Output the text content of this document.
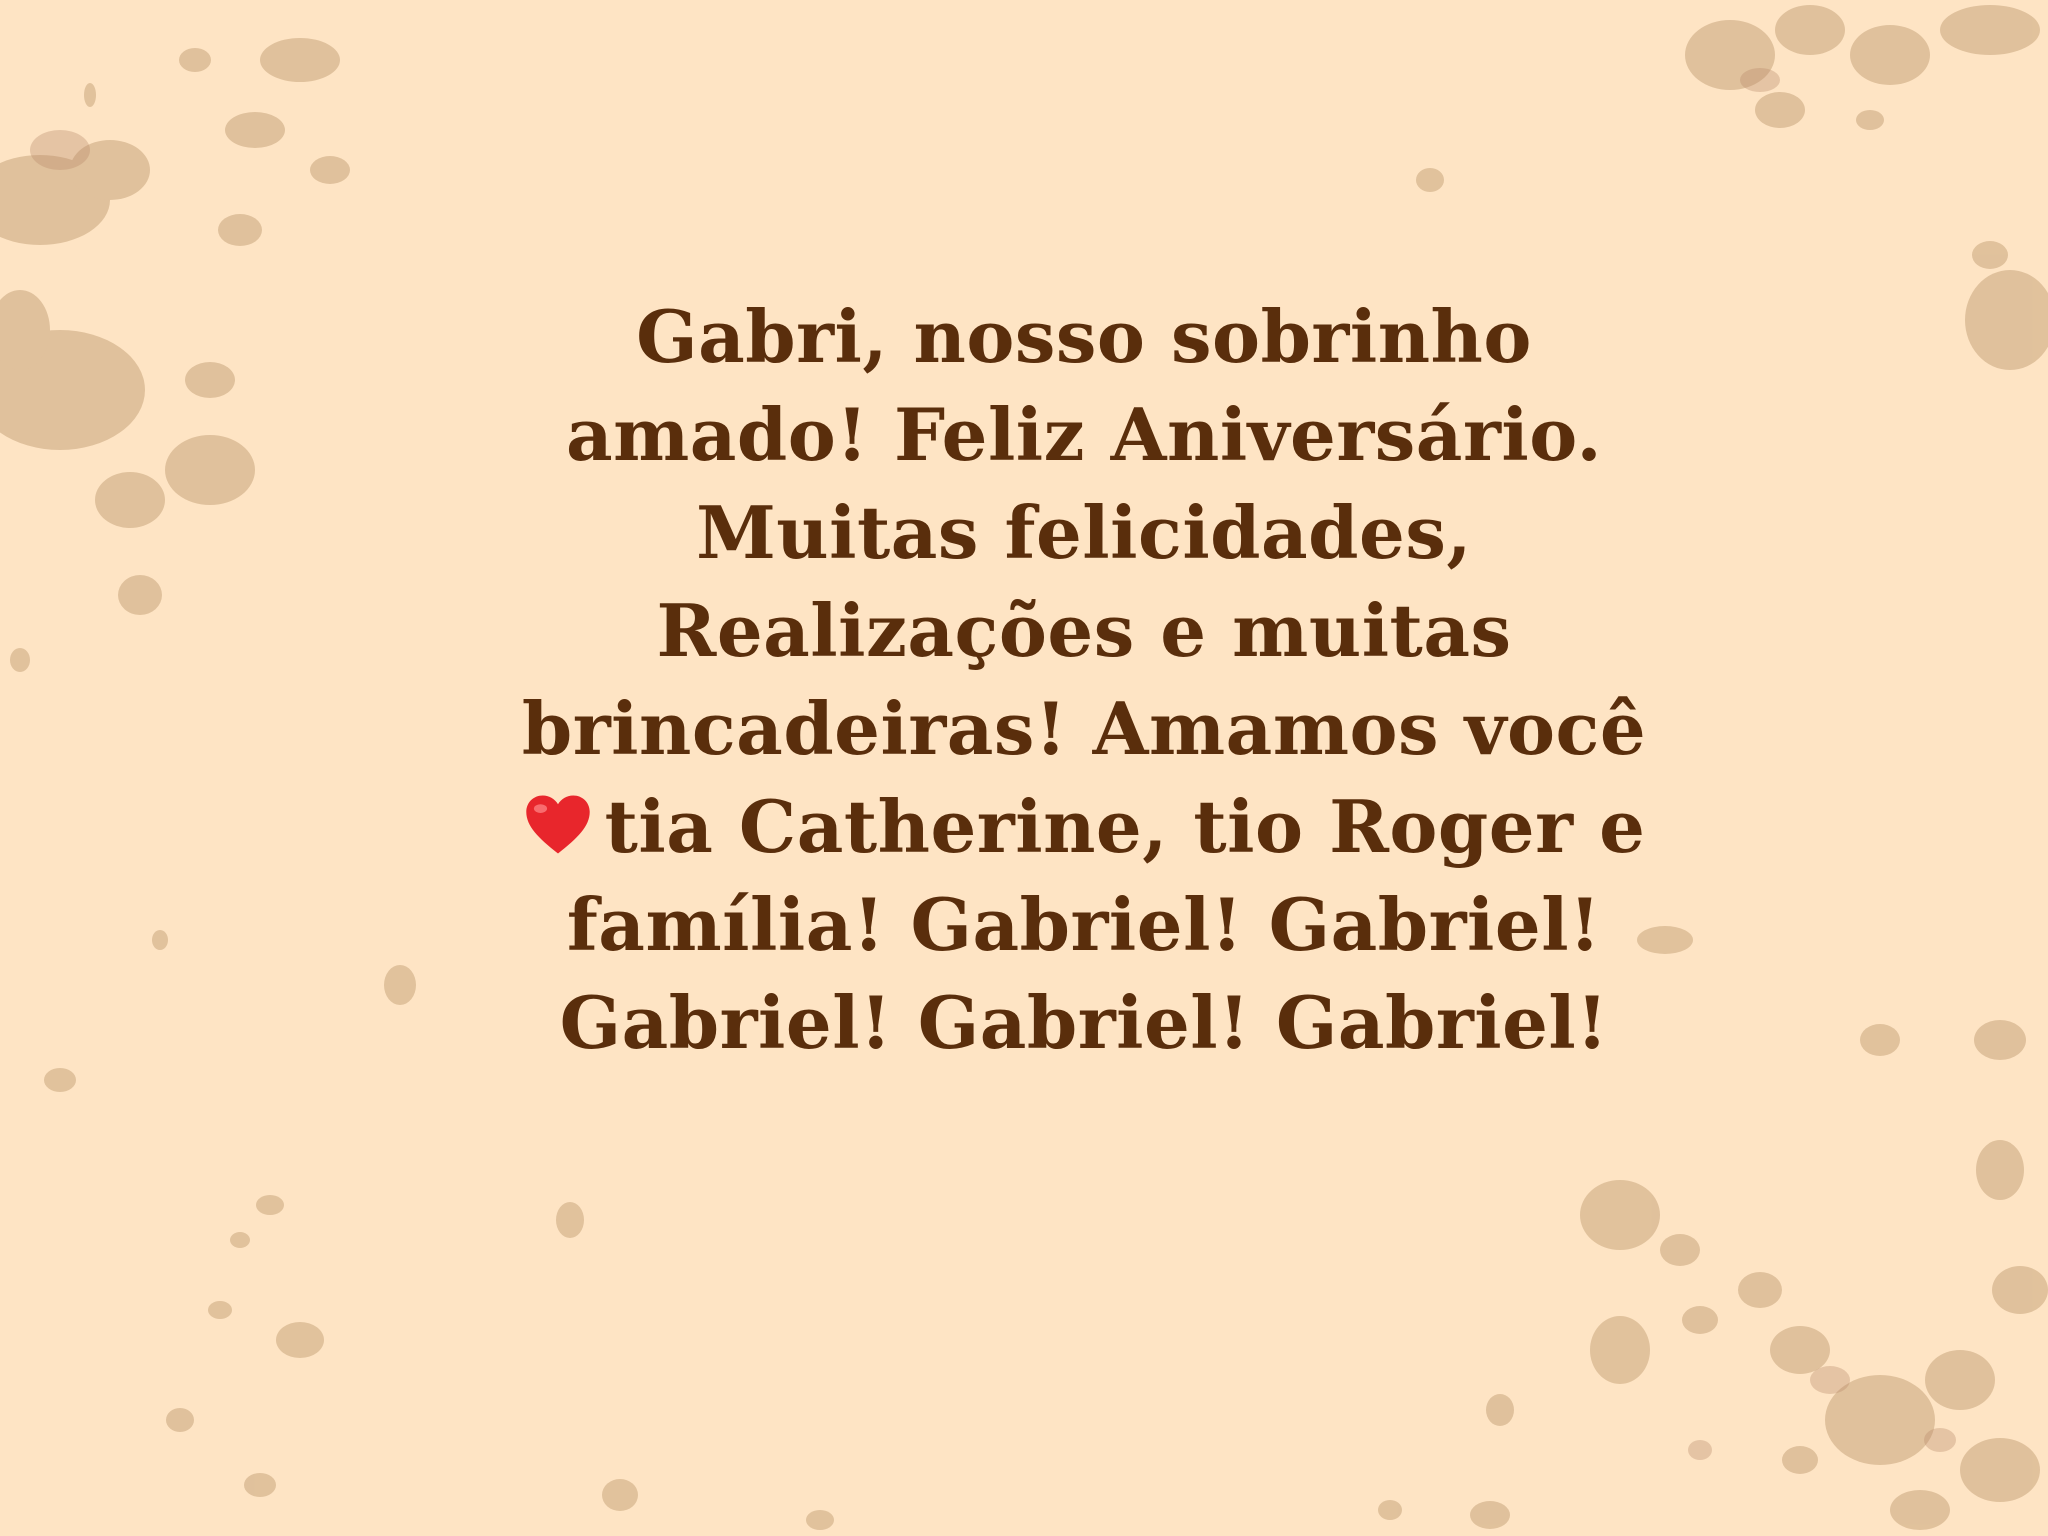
Gabri, nosso sobrinho
amado! Feliz Aniversário.
Muitas felicidades,
Realizações e muitas
brincadeiras! Amamos você
tia Catherine, tio Roger e
família! Gabriel! Gabriel!
Gabriel! Gabriel! Gabriel!
